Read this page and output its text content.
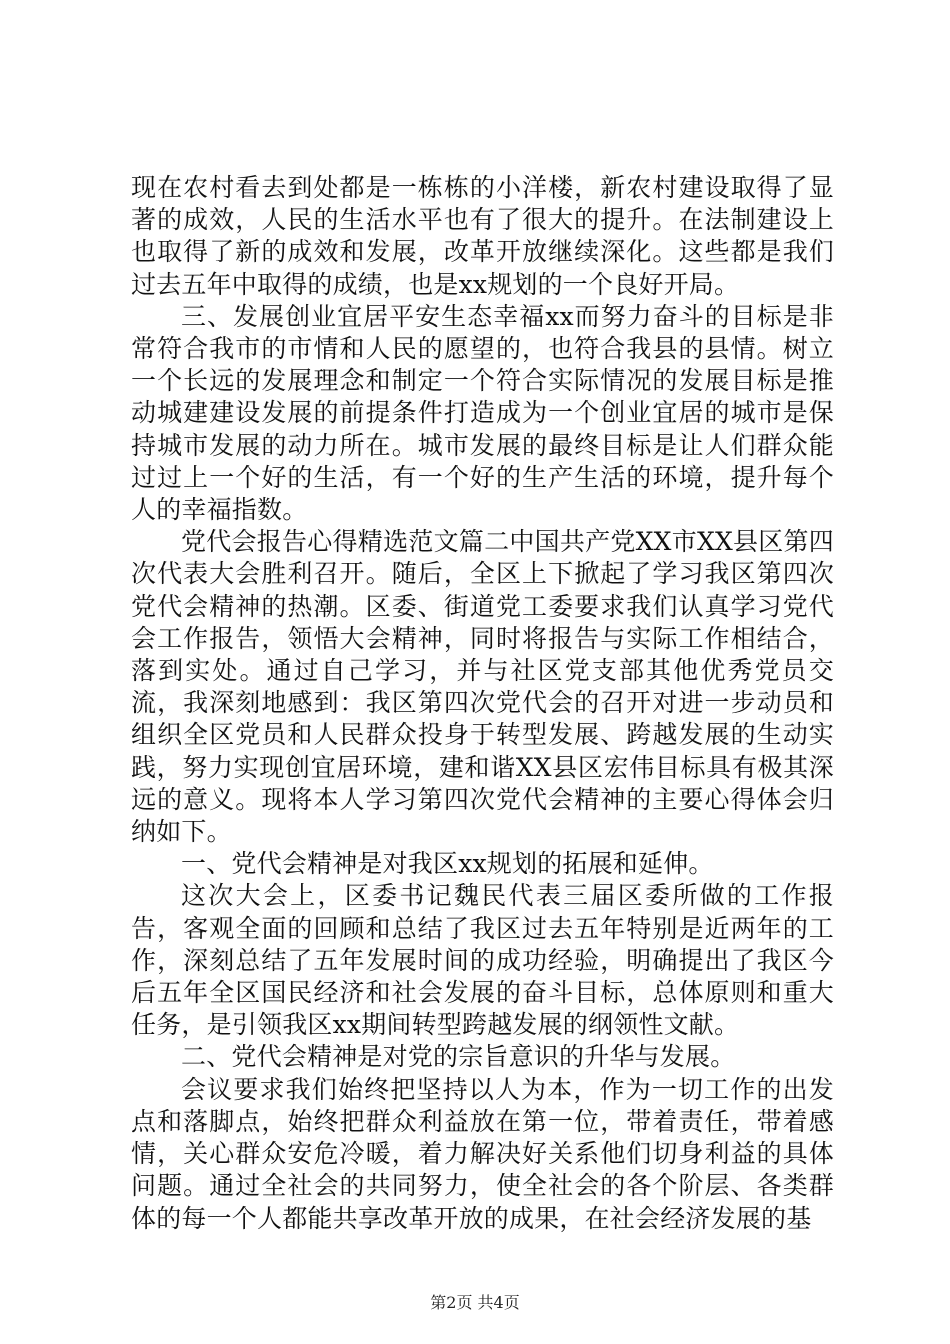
现在农村看去到处都是一栋栋的小洋楼，新农村建设取得了显著的成效，人民的生活水平也有了很大的提升。在法制建设上也取得了新的成效和发展，改革开放继续深化。这些都是我们过去五年中取得的成绩，也是xx规划的一个良好开局。

三、发展创业宜居平安生态幸福xx而努力奋斗的目标是非常符合我市的市情和人民的愿望的，也符合我县的县情。树立一个长远的发展理念和制定一个符合实际情况的发展目标是推动城建建设发展的前提条件打造成为一个创业宜居的城市是保持城市发展的动力所在。城市发展的最终目标是让人们群众能过过上一个好的生活，有一个好的生产生活的环境，提升每个人的幸福指数。

党代会报告心得精选范文篇二中国共产党XX市XX县区第四次代表大会胜利召开。随后，全区上下掀起了学习我区第四次党代会精神的热潮。区委、街道党工委要求我们认真学习党代会工作报告，领悟大会精神，同时将报告与实际工作相结合，落到实处。通过自己学习，并与社区党支部其他优秀党员交流，我深刻地感到：我区第四次党代会的召开对进一步动员和组织全区党员和人民群众投身于转型发展、跨越发展的生动实践，努力实现创宜居环境，建和谐XX县区宏伟目标具有极其深远的意义。现将本人学习第四次党代会精神的主要心得体会归纳如下。

一、党代会精神是对我区xx规划的拓展和延伸。

这次大会上，区委书记魏民代表三届区委所做的工作报告，客观全面的回顾和总结了我区过去五年特别是近两年的工作，深刻总结了五年发展时间的成功经验，明确提出了我区今后五年全区国民经济和社会发展的奋斗目标，总体原则和重大任务，是引领我区xx期间转型跨越发展的纲领性文献。

二、党代会精神是对党的宗旨意识的升华与发展。

会议要求我们始终把坚持以人为本，作为一切工作的出发点和落脚点，始终把群众利益放在第一位，带着责任，带着感情，关心群众安危冷暖，着力解决好关系他们切身利益的具体问题。通过全社会的共同努力，使全社会的各个阶层、各类群体的每一个人都能共享改革开放的成果，在社会经济发展的基

第2页 共4页
